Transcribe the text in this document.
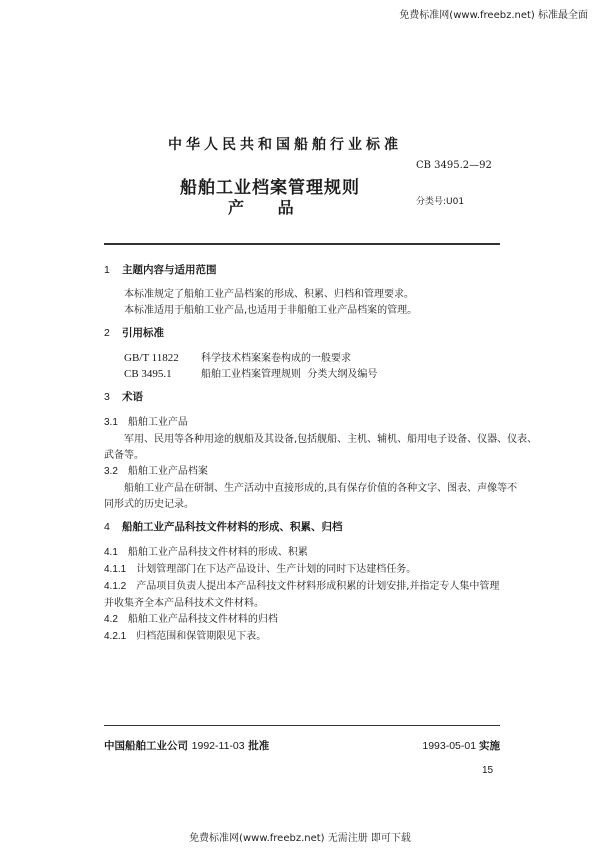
免费标准网(www.freebz.net) 标准最全面
中华人民共和国船舶行业标准
CB 3495.2—92
船舶工业档案管理规则
产 品	分类号:U01
1 主题内容与适用范围
本标准规定了船舶工业产品档案的形成、积累、归档和管理要求。
本标准适用于船舶工业产品,也适用于非船舶工业产品档案的管理。
2 引用标准
GB/T 11822 科学技术档案案卷构成的一般要求
CB 3495.1	船舶工业档案管理规则  分类大纲及编号
3 术语
3.1 船舶工业产品
军用、民用等各种用途的舰船及其设备,包括舰船、主机、辅机、船用电子设备、仪器、仪表、
武备等。
3.2 船舶工业产品档案
船舶工业产品在研制、生产活动中直接形成的,具有保存价值的各种文字、图表、声像等不
同形式的历史记录。
4 船舶工业产品科技文件材料的形成、积累、归档
4.1 船舶工业产品科技文件材料的形成、积累
4.1.1 计划管理部门在下达产品设计、生产计划的同时下达建档任务。
4.1.2 产品项目负责人提出本产品科技文件材料形成积累的计划安排,并指定专人集中管理
并收集齐全本产品科技术文件材料。
4.2 船舶工业产品科技文件材料的归档
4.2.1 归档范围和保管期限见下表。
中国船舶工业公司 1992-11-03 批准	1993-05-01 实施
15
免费标准网(www.freebz.net) 无需注册 即可下载
